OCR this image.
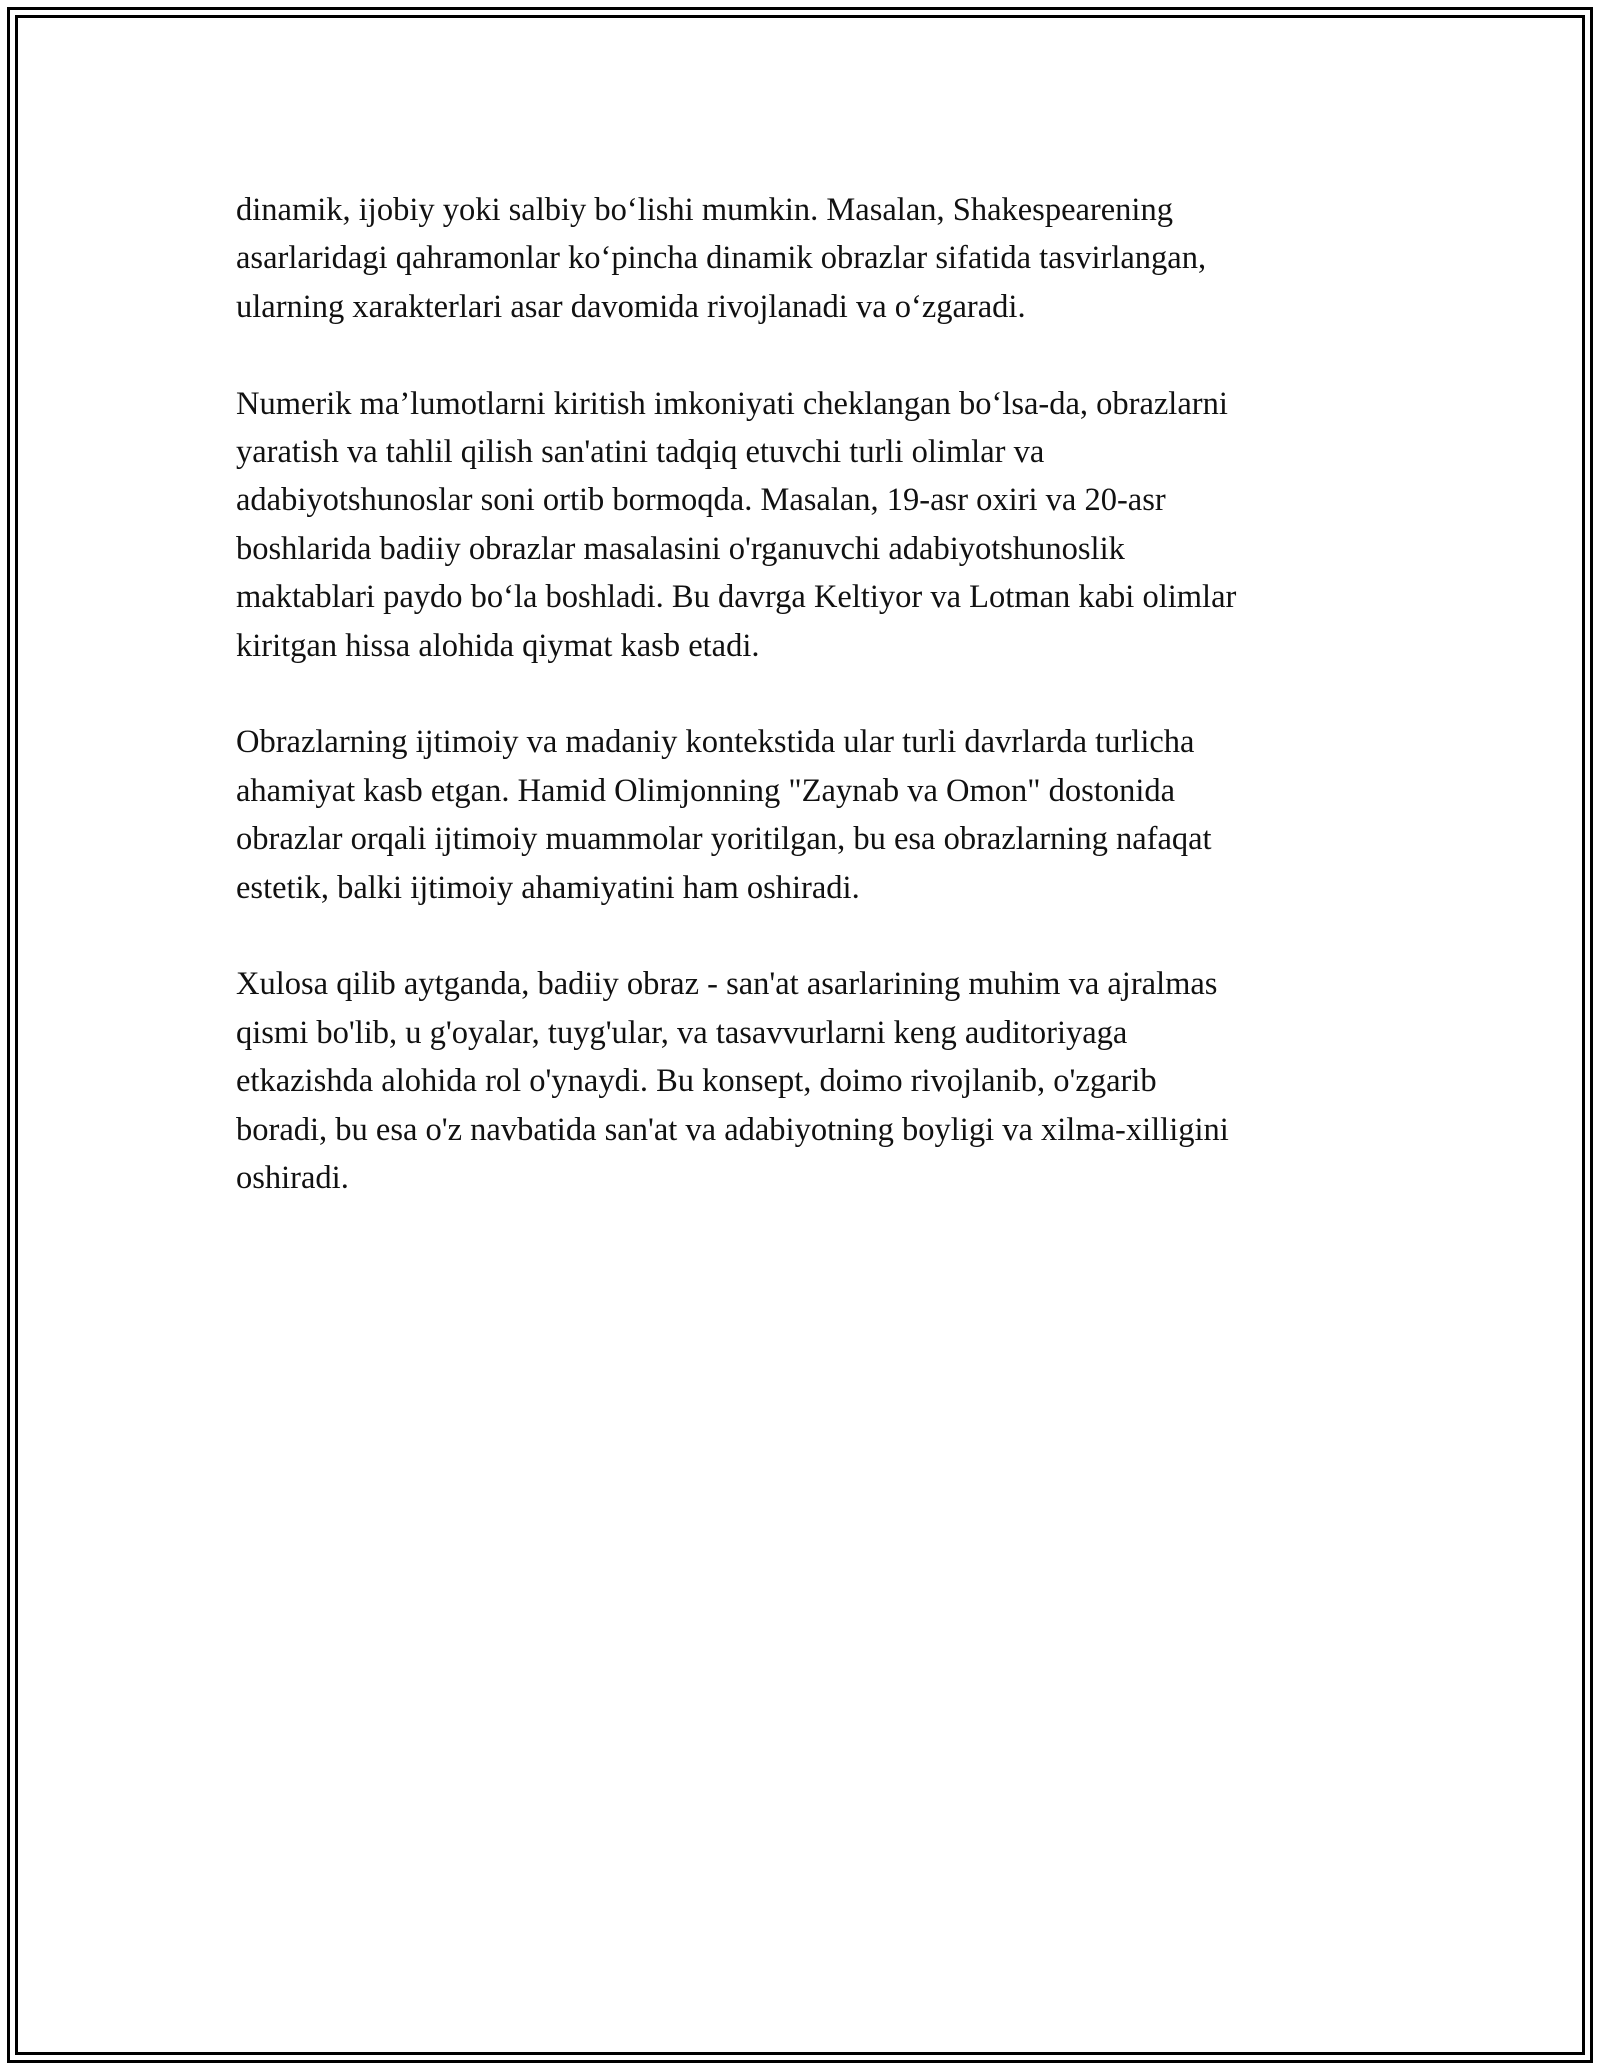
dinamik, ijobiy yoki salbiy bo‘lishi mumkin. Masalan, Shakespearening
asarlaridagi qahramonlar ko‘pincha dinamik obrazlar sifatida tasvirlangan,
ularning xarakterlari asar davomida rivojlanadi va o‘zgaradi.

Numerik ma’lumotlarni kiritish imkoniyati cheklangan bo‘lsa-da, obrazlarni
yaratish va tahlil qilish san'atini tadqiq etuvchi turli olimlar va
adabiyotshunoslar soni ortib bormoqda. Masalan, 19-asr oxiri va 20-asr
boshlarida badiiy obrazlar masalasini o'rganuvchi adabiyotshunoslik
maktablari paydo bo‘la boshladi. Bu davrga Keltiyor va Lotman kabi olimlar
kiritgan hissa alohida qiymat kasb etadi.

Obrazlarning ijtimoiy va madaniy kontekstida ular turli davrlarda turlicha
ahamiyat kasb etgan. Hamid Olimjonning "Zaynab va Omon" dostonida
obrazlar orqali ijtimoiy muammolar yoritilgan, bu esa obrazlarning nafaqat
estetik, balki ijtimoiy ahamiyatini ham oshiradi.

Xulosa qilib aytganda, badiiy obraz - san'at asarlarining muhim va ajralmas
qismi bo'lib, u g'oyalar, tuyg'ular, va tasavvurlarni keng auditoriyaga
etkazishda alohida rol o'ynaydi. Bu konsept, doimo rivojlanib, o'zgarib
boradi, bu esa o'z navbatida san'at va adabiyotning boyligi va xilma-xilligini
oshiradi.
